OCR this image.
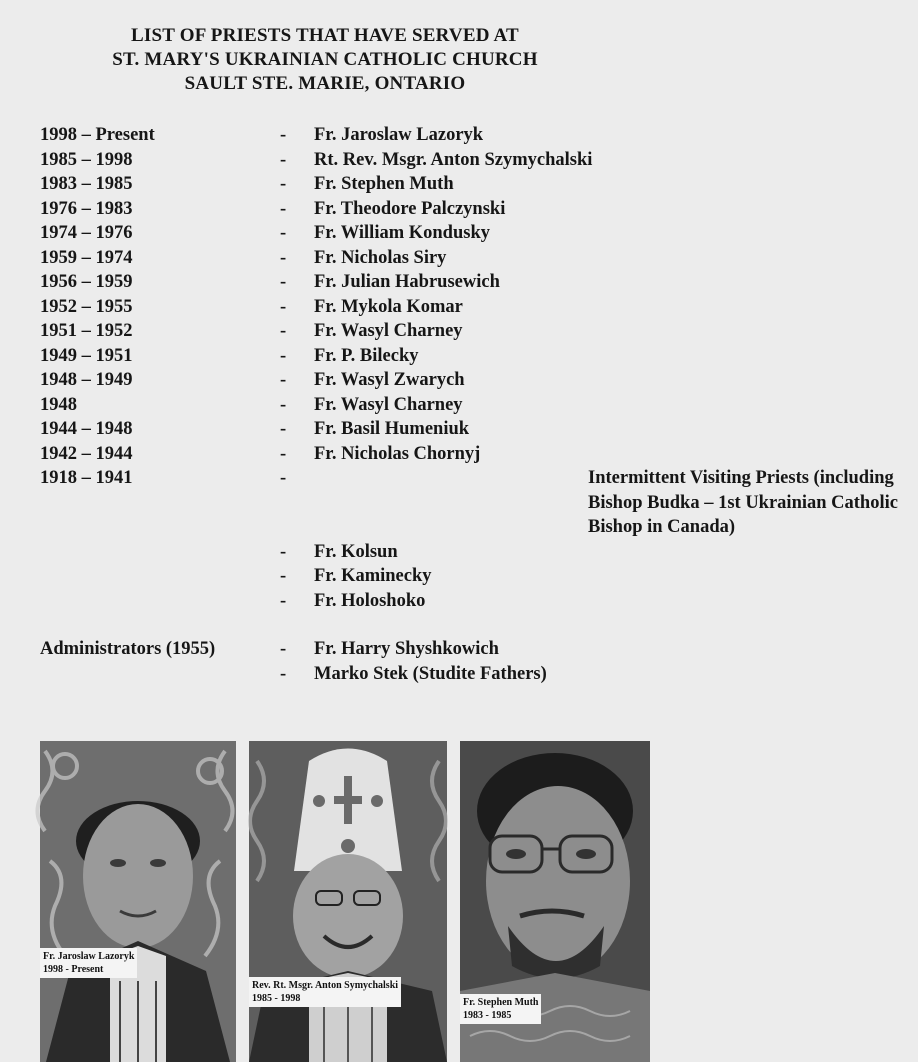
LIST OF PRIESTS THAT HAVE SERVED AT
ST. MARY'S UKRAINIAN CATHOLIC CHURCH
SAULT STE. MARIE, ONTARIO
1998 – Present	- Fr. Jaroslaw Lazoryk
1985 – 1998	- Rt. Rev. Msgr. Anton Szymychalski
1983 – 1985	- Fr. Stephen Muth
1976 – 1983	- Fr. Theodore Palczynski
1974 – 1976	- Fr. William Kondusky
1959 – 1974	- Fr. Nicholas Siry
1956 – 1959	- Fr. Julian Habrusewich
1952 – 1955	- Fr. Mykola Komar
1951 – 1952	- Fr. Wasyl Charney
1949 – 1951	- Fr. P. Bilecky
1948 – 1949	- Fr. Wasyl Zwarych
1948	- Fr. Wasyl Charney
1944 – 1948	- Fr. Basil Humeniuk
1942 – 1944	- Fr. Nicholas Chornyj
1918 – 1941	-	Intermittent Visiting Priests (including Bishop Budka – 1st Ukrainian Catholic Bishop in Canada)
- Fr. Kolsun
- Fr. Kaminecky
- Fr. Holoshoko
Administrators (1955)	- Fr. Harry Shyshkowich
- Marko Stek (Studite Fathers)
Fr. Jaroslaw Lazoryk
1998 - Present
Rev. Rt. Msgr. Anton Symychalski
1985 - 1998	Fr. Stephen Muth
1983 - 1985
